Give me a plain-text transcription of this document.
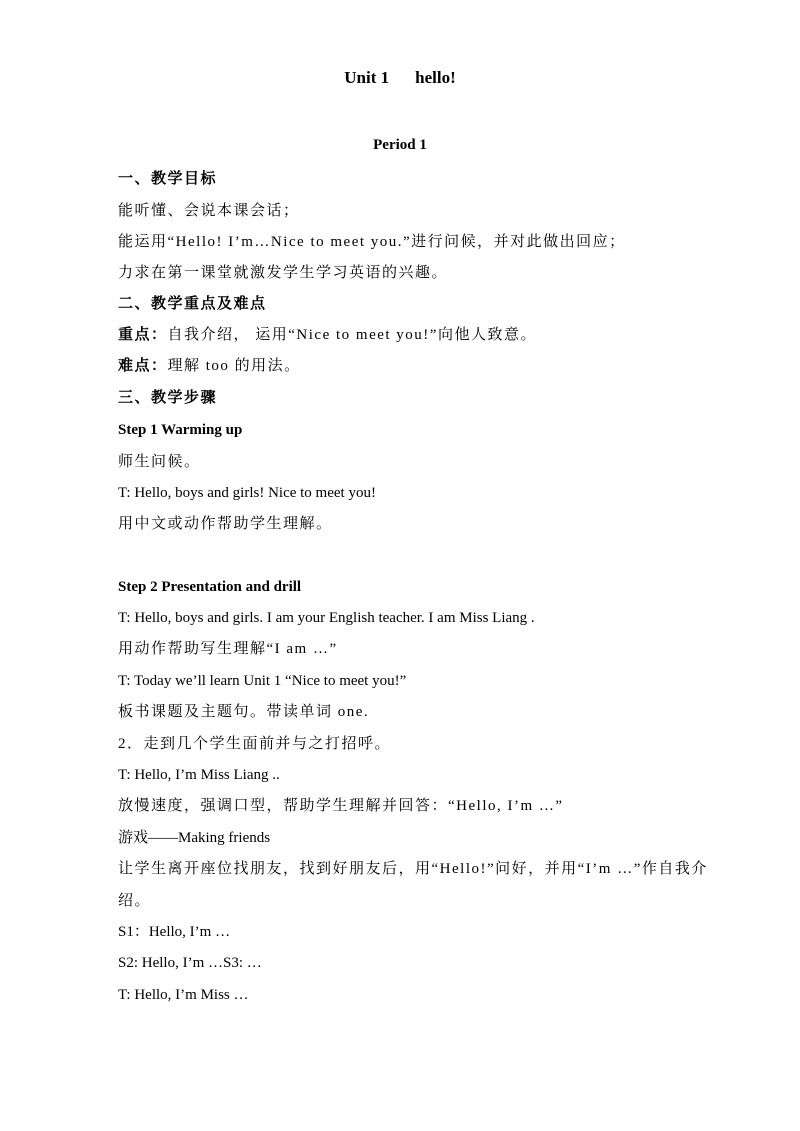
Unit 1 hello!
Period 1
一、教学目标
能听懂、会说本课会话；
能运用“Hello! I’m…Nice to meet you.”进行问候，并对此做出回应；
力求在第一课堂就激发学生学习英语的兴趣。
二、教学重点及难点
重点：自我介绍， 运用“Nice to meet you!”向他人致意。
难点：理解 too 的用法。
三、教学步骤
Step 1 Warming up
师生问候。
T: Hello, boys and girls! Nice to meet you!
用中文或动作帮助学生理解。
Step 2 Presentation and drill
T: Hello, boys and girls. I am your English teacher. I am Miss Liang .
用动作帮助写生理解“I am …”
T: Today we’ll learn Unit 1 “Nice to meet you!”
板书课题及主题句。带读单词 one.
2．走到几个学生面前并与之打招呼。
T: Hello, I’m Miss Liang ..
放慢速度，强调口型，帮助学生理解并回答：“Hello, I’m …”
游戏——Making friends
让学生离开座位找朋友，找到好朋友后，用“Hello!”问好，并用“I’m …”作自我介
绍。
S1：Hello, I’m …
S2: Hello, I’m …S3: …
T: Hello, I’m Miss …
